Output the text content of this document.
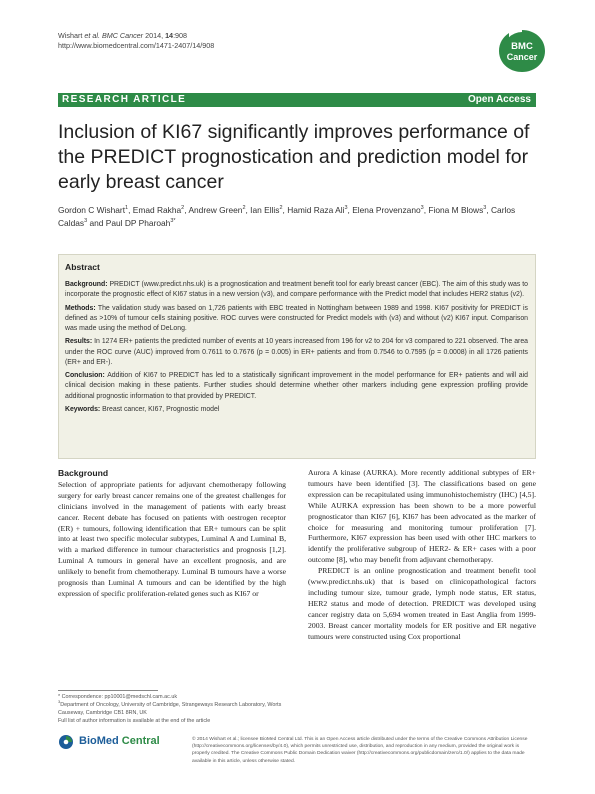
Wishart et al. BMC Cancer 2014, 14:908
http://www.biomedcentral.com/1471-2407/14/908	BMC
Cancer
RESEARCH ARTICLE	Open Access
Inclusion of KI67 significantly improves performance of the PREDICT prognostication and prediction model for early breast cancer
Gordon C Wishart$^1$, Emad Rakha$^2$, Andrew Green$^2$, Ian Ellis$^2$, Hamid Raza Ali$^3$, Elena Provenzano$^3$, Fiona M Blows$^3$, Carlos Caldas$^3$ and Paul DP Pharoah$^{3*}$
Abstract

Background: PREDICT (www.predict.nhs.uk) is a prognostication and treatment benefit tool for early breast cancer (EBC). The aim of this study was to incorporate the prognostic effect of KI67 status in a new version (v3), and compare performance with the Predict model that includes HER2 status (v2).

Methods: The validation study was based on 1,726 patients with EBC treated in Nottingham between 1989 and 1998. KI67 positivity for PREDICT is defined as >10% of tumour cells staining positive. ROC curves were constructed for Predict models with (v3) and without (v2) KI67 input. Comparison was made using the method of DeLong.

Results: In 1274 ER+ patients the predicted number of events at 10 years increased from 196 for v2 to 204 for v3 compared to 221 observed. The area under the ROC curve (AUC) improved from 0.7611 to 0.7676 (p = 0.005) in ER+ patients and from 0.7546 to 0.7595 (p = 0.0008) in all 1726 patients (ER+ and ER-).

Conclusion: Addition of KI67 to PREDICT has led to a statistically significant improvement in the model performance for ER+ patients and will aid clinical decision making in these patients. Further studies should determine whether other markers including gene expression profiling provide additional prognostic information to that provided by PREDICT.

Keywords: Breast cancer, KI67, Prognostic model

Background

Selection of appropriate patients for adjuvant chemotherapy following surgery for early breast cancer remains one of the greatest challenges for clinicians involved in the management of patients with early breast cancer. Recent debate has focused on patients with oestrogen receptor (ER) + tumours, following identification that ER+ tumours can be split into at least two specific molecular subtypes, Luminal A and Luminal B, with a marked difference in tumour characteristics and prognosis [1,2]. Luminal A tumours in general have an excellent prognosis, and are unlikely to benefit from chemotherapy. Luminal B tumours have a worse prognosis than Luminal A tumours and can be identified by the high expression of specific proliferation-related genes such as KI67 or

Aurora A kinase (AURKA). More recently additional subtypes of ER+ tumours have been identified [3]. The classifications based on gene expression can be recapitulated using immunohistochemistry (IHC) [4,5]. While AURKA expression has been shown to be a more powerful prognosticator than KI67 [6], KI67 has been advocated as the marker of choice for measuring and monitoring tumour proliferation [7]. Furthermore, KI67 expression has been used with other IHC markers to identify the proliferative subgroup of HER2- & ER+ cases with a poor outcome [8], who may benefit from adjuvant chemotherapy.

PREDICT is an online prognostication and treatment benefit tool (www.predict.nhs.uk) that is based on clinicopathological factors including tumour size, tumour grade, lymph node status, ER status, HER2 status and mode of detection. PREDICT was developed using cancer registry data on 5,694 women treated in East Anglia from 1999-2003. Breast cancer mortality models for ER positive and ER negative tumours were constructed using Cox proportional

* Correspondence: pp10001@medschl.cam.ac.uk
$^3$Department of Oncology, University of Cambridge, Strangeways Research Laboratory, Worts Causeway, Cambridge CB1 8RN, UK
Full list of author information is available at the end of the article
BioMed Central	© 2014 Wishart et al.; licensee BioMed Central Ltd. This is an Open Access article distributed under the terms of the Creative Commons Attribution License (http://creativecommons.org/licenses/by/4.0), which permits unrestricted use, distribution, and reproduction in any medium, provided the original work is properly credited. The Creative Commons Public Domain Dedication waiver (http://creativecommons.org/publicdomain/zero/1.0/) applies to the data made available in this article, unless otherwise stated.
